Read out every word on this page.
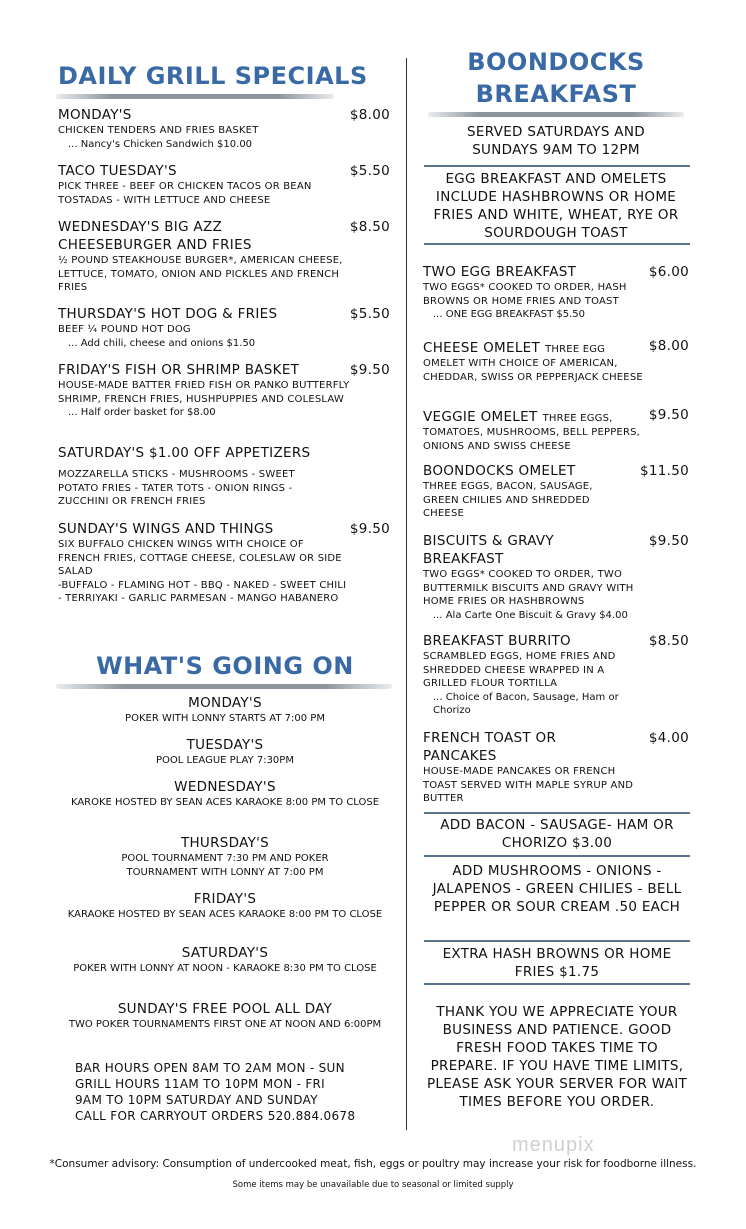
DAILY GRILL SPECIALS
MONDAY'S
CHICKEN TENDERS AND FRIES BASKET
... Nancy's Chicken Sandwich $10.00
$8.00
TACO TUESDAY'S
PICK THREE - BEEF OR CHICKEN TACOS OR BEAN TOSTADAS - WITH LETTUCE AND CHEESE
$5.50
WEDNESDAY'S BIG AZZ CHEESEBURGER AND FRIES
½ POUND STEAKHOUSE BURGER*, AMERICAN CHEESE, LETTUCE, TOMATO, ONION AND PICKLES AND FRENCH FRIES
$8.50
THURSDAY'S HOT DOG & FRIES
BEEF ¼ POUND HOT DOG
... Add chili, cheese and onions $1.50
$5.50
FRIDAY'S FISH OR SHRIMP BASKET
HOUSE-MADE BATTER FRIED FISH OR PANKO BUTTERFLY SHRIMP, FRENCH FRIES, HUSHPUPPIES AND COLESLAW
... Half order basket for $8.00
$9.50
SATURDAY'S $1.00 OFF APPETIZERS
MOZZARELLA STICKS - MUSHROOMS - SWEET POTATO FRIES - TATER TOTS - ONION RINGS - ZUCCHINI OR FRENCH FRIES
SUNDAY'S WINGS AND THINGS
SIX BUFFALO CHICKEN WINGS WITH CHOICE OF FRENCH FRIES, COTTAGE CHEESE, COLESLAW OR SIDE SALAD
-BUFFALO - FLAMING HOT - BBQ - NAKED - SWEET CHILI - TERRIYAKI - GARLIC PARMESAN - MANGO HABANERO
$9.50
WHAT'S GOING ON
MONDAY'S
POKER WITH LONNY STARTS AT 7:00 PM
TUESDAY'S
POOL LEAGUE PLAY 7:30PM
WEDNESDAY'S
KAROKE HOSTED BY SEAN ACES KARAOKE 8:00 PM TO CLOSE
THURSDAY'S
POOL TOURNAMENT 7:30 PM AND POKER TOURNAMENT WITH LONNY AT 7:00 PM
FRIDAY'S
KARAOKE HOSTED BY SEAN ACES KARAOKE 8:00 PM TO CLOSE
SATURDAY'S
POKER WITH LONNY AT NOON - KARAOKE 8:30 PM TO CLOSE
SUNDAY'S FREE POOL ALL DAY
TWO POKER TOURNAMENTS FIRST ONE AT NOON AND 6:00PM
BAR HOURS OPEN 8AM TO 2AM MON - SUN
GRILL HOURS 11AM TO 10PM MON - FRI
9AM TO 10PM SATURDAY AND SUNDAY
CALL FOR CARRYOUT ORDERS 520.884.0678
BOONDOCKS
BREAKFAST
SERVED SATURDAYS AND SUNDAYS 9AM TO 12PM
EGG BREAKFAST AND OMELETS INCLUDE HASHBROWNS OR HOME FRIES AND WHITE, WHEAT, RYE OR SOURDOUGH TOAST
TWO EGG BREAKFAST
TWO EGGS* COOKED TO ORDER, HASH BROWNS OR HOME FRIES AND TOAST
... ONE EGG BREAKFAST $5.50
$6.00
CHEESE OMELET THREE EGG
OMELET WITH CHOICE OF AMERICAN, CHEDDAR, SWISS OR PEPPERJACK CHEESE
$8.00
VEGGIE OMELET THREE EGGS,
TOMATOES, MUSHROOMS, BELL PEPPERS, ONIONS AND SWISS CHEESE
$9.50
BOONDOCKS OMELET
THREE EGGS, BACON, SAUSAGE, GREEN CHILIES AND SHREDDED CHEESE
$11.50
BISCUITS & GRAVY BREAKFAST
TWO EGGS* COOKED TO ORDER, TWO BUTTERMILK BISCUITS AND GRAVY WITH HOME FRIES OR HASHBROWNS
... Ala Carte One Biscuit & Gravy $4.00
$9.50
BREAKFAST BURRITO
SCRAMBLED EGGS, HOME FRIES AND SHREDDED CHEESE WRAPPED IN A GRILLED FLOUR TORTILLA
... Choice of Bacon, Sausage, Ham or Chorizo
$8.50
FRENCH TOAST OR PANCAKES
HOUSE-MADE PANCAKES OR FRENCH TOAST SERVED WITH MAPLE SYRUP AND BUTTER
$4.00
ADD BACON - SAUSAGE- HAM OR CHORIZO $3.00
ADD MUSHROOMS - ONIONS - JALAPENOS - GREEN CHILIES - BELL PEPPER OR SOUR CREAM .50 EACH
EXTRA HASH BROWNS OR HOME FRIES $1.75
THANK YOU WE APPRECIATE YOUR BUSINESS AND PATIENCE. GOOD FRESH FOOD TAKES TIME TO PREPARE. IF YOU HAVE TIME LIMITS, PLEASE ASK YOUR SERVER FOR WAIT TIMES BEFORE YOU ORDER.
menupix
*Consumer advisory: Consumption of undercooked meat, fish, eggs or poultry may increase your risk for foodborne illness.
Some items may be unavailable due to seasonal or limited supply
